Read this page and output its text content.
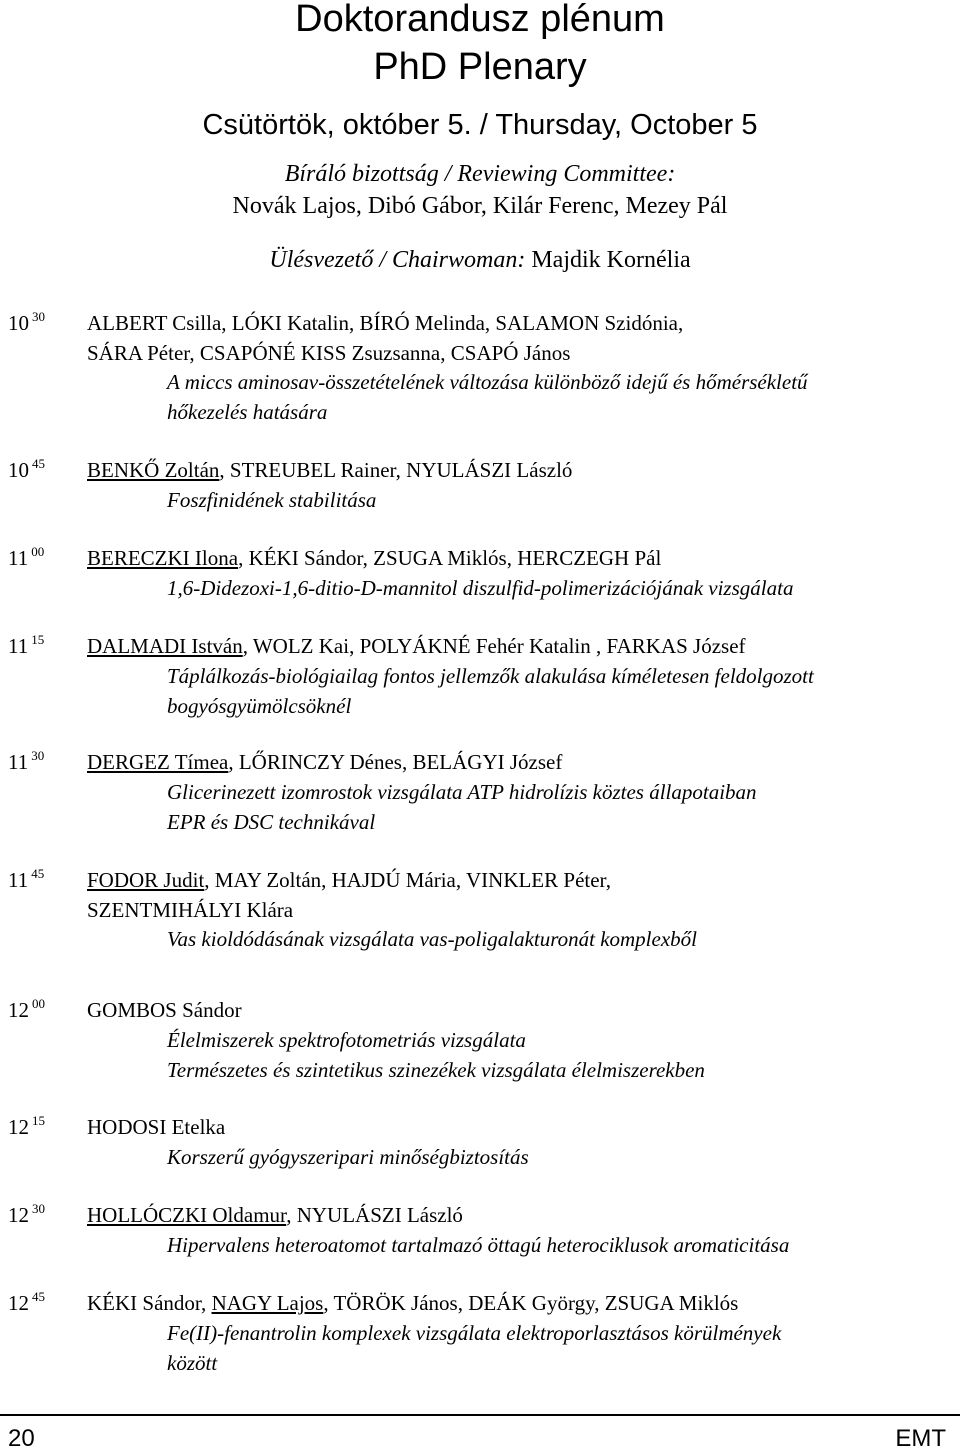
Doktorandusz plénum
PhD Plenary
Csütörtök, október 5. / Thursday, October 5
Bíráló bizottság / Reviewing Committee:
Novák Lajos, Dibó Gábor, Kilár Ferenc, Mezey Pál
Ülésvezető / Chairwoman: Majdik Kornélia
10 $^{30}$	ALBERT Csilla, LÓKI Katalin, BÍRÓ Melinda, SALAMON Szidónia,
SÁRA Péter, CSAPÓNÉ KISS Zsuzsanna, CSAPÓ János
A miccs aminosav-összetételének változása különböző idejű és hőmérsékletű
hőkezelés hatására
10 $^{45}$	BENKŐ Zoltán, STREUBEL Rainer, NYULÁSZI László
Foszfinidének stabilitása
11 $^{00}$	BERECZKI Ilona, KÉKI Sándor, ZSUGA Miklós, HERCZEGH Pál
1,6-Didezoxi-1,6-ditio-D-mannitol diszulfid-polimerizációjának vizsgálata
11 $^{15}$	DALMADI István, WOLZ Kai, POLYÁKNÉ Fehér Katalin , FARKAS József
Táplálkozás-biológiailag fontos jellemzők alakulása kíméletesen feldolgozott
bogyósgyümölcsöknél
11 $^{30}$	DERGEZ Tímea, LŐRINCZY Dénes, BELÁGYI József
Glicerinezett izomrostok vizsgálata ATP hidrolízis köztes állapotaiban
EPR és DSC technikával
11 $^{45}$	FODOR Judit, MAY Zoltán, HAJDÚ Mária, VINKLER Péter,
SZENTMIHÁLYI Klára
Vas kioldódásának vizsgálata vas-poligalakturonát komplexből
12 $^{00}$	GOMBOS Sándor
Élelmiszerek spektrofotometriás vizsgálata
Természetes és szintetikus szinezékek vizsgálata élelmiszerekben
12 $^{15}$	HODOSI Etelka
Korszerű gyógyszeripari minőségbiztosítás
12 $^{30}$	HOLLÓCZKI Oldamur, NYULÁSZI László
Hipervalens heteroatomot tartalmazó öttagú heterociklusok aromaticitása
12 $^{45}$	KÉKI Sándor, NAGY Lajos, TÖRÖK János, DEÁK György, ZSUGA Miklós
Fe(II)-fenantrolin komplexek vizsgálata elektroporlasztásos körülmények
között
20	EMT
